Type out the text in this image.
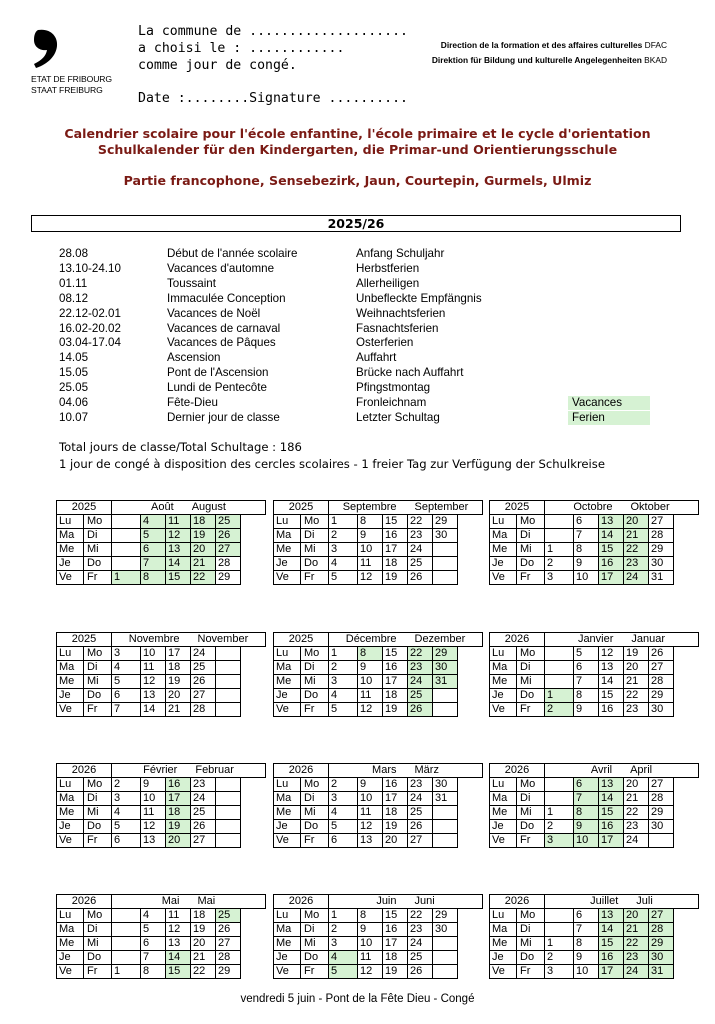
ETAT DE FRIBOURG
STAAT FREIBURG
La commune de ....................
a choisi le : ............
comme jour de congé.
Date :........Signature ..........
Direction de la formation et des affaires culturelles DFAC
Direktion für Bildung und kulturelle Angelegenheiten BKAD
Calendrier scolaire pour l'école enfantine, l'école primaire et le cycle d'orientation
Schulkalender für den Kindergarten, die Primar-und Orientierungsschule
Partie francophone, Sensebezirk, Jaun, Courtepin, Gurmels, Ulmiz
2025/26
28.08	Début de l'année scolaire	Anfang Schuljahr
13.10-24.10	Vacances d'automne	Herbstferien
01.11	Toussaint	Allerheiligen
08.12	Immaculée Conception	Unbefleckte Empfängnis
22.12-02.01	Vacances de Noël	Weihnachtsferien
16.02-20.02	Vacances de carnaval	Fasnachtsferien
03.04-17.04	Vacances de Pâques	Osterferien
14.05	Ascension	Auffahrt
15.05	Pont de l'Ascension	Brücke nach Auffahrt
25.05	Lundi de Pentecôte	Pfingstmontag
04.06	Fête-Dieu	Fronleichnam
10.07	Dernier jour de classe	Letzter Schultag
Vacances
Ferien
Total jours de classe/Total Schultage : 186
1 jour de congé à disposition des cercles scolaires - 1 freier Tag zur Verfügung der Schulkreise
2025		Août August				
Lu	Mo		4	11	18	25
Ma	Di		5	12	19	26
Me	Mi		6	13	20	27
Je	Do		7	14	21	28
Ve	Fr	1	8	15	22	29
2025		Septembre September				
Lu	Mo	1	8	15	22	29
Ma	Di	2	9	16	23	30
Me	Mi	3	10	17	24	
Je	Do	4	11	18	25	
Ve	Fr	5	12	19	26	
2025		Octobre Oktober				
Lu	Mo		6	13	20	27
Ma	Di		7	14	21	28
Me	Mi	1	8	15	22	29
Je	Do	2	9	16	23	30
Ve	Fr	3	10	17	24	31
2025		Novembre November				
Lu	Mo	3	10	17	24	
Ma	Di	4	11	18	25	
Me	Mi	5	12	19	26	
Je	Do	6	13	20	27	
Ve	Fr	7	14	21	28	
2025		Décembre Dezember				
Lu	Mo	1	8	15	22	29
Ma	Di	2	9	16	23	30
Me	Mi	3	10	17	24	31
Je	Do	4	11	18	25	
Ve	Fr	5	12	19	26	
2026		Janvier Januar				
Lu	Mo		5	12	19	26
Ma	Di		6	13	20	27
Me	Mi		7	14	21	28
Je	Do	1	8	15	22	29
Ve	Fr	2	9	16	23	30
2026		Février Februar				
Lu	Mo	2	9	16	23	
Ma	Di	3	10	17	24	
Me	Mi	4	11	18	25	
Je	Do	5	12	19	26	
Ve	Fr	6	13	20	27	
2026		Mars März				
Lu	Mo	2	9	16	23	30
Ma	Di	3	10	17	24	31
Me	Mi	4	11	18	25	
Je	Do	5	12	19	26	
Ve	Fr	6	13	20	27	
2026		Avril April				
Lu	Mo		6	13	20	27
Ma	Di		7	14	21	28
Me	Mi	1	8	15	22	29
Je	Do	2	9	16	23	30
Ve	Fr	3	10	17	24	
2026		Mai Mai				
Lu	Mo		4	11	18	25
Ma	Di		5	12	19	26
Me	Mi		6	13	20	27
Je	Do		7	14	21	28
Ve	Fr	1	8	15	22	29
2026		Juin Juni				
Lu	Mo	1	8	15	22	29
Ma	Di	2	9	16	23	30
Me	Mi	3	10	17	24	
Je	Do	4	11	18	25	
Ve	Fr	5	12	19	26	
2026		Juillet Juli				
Lu	Mo		6	13	20	27
Ma	Di		7	14	21	28
Me	Mi	1	8	15	22	29
Je	Do	2	9	16	23	30
Ve	Fr	3	10	17	24	31
vendredi 5 juin - Pont de la Fête Dieu - Congé
